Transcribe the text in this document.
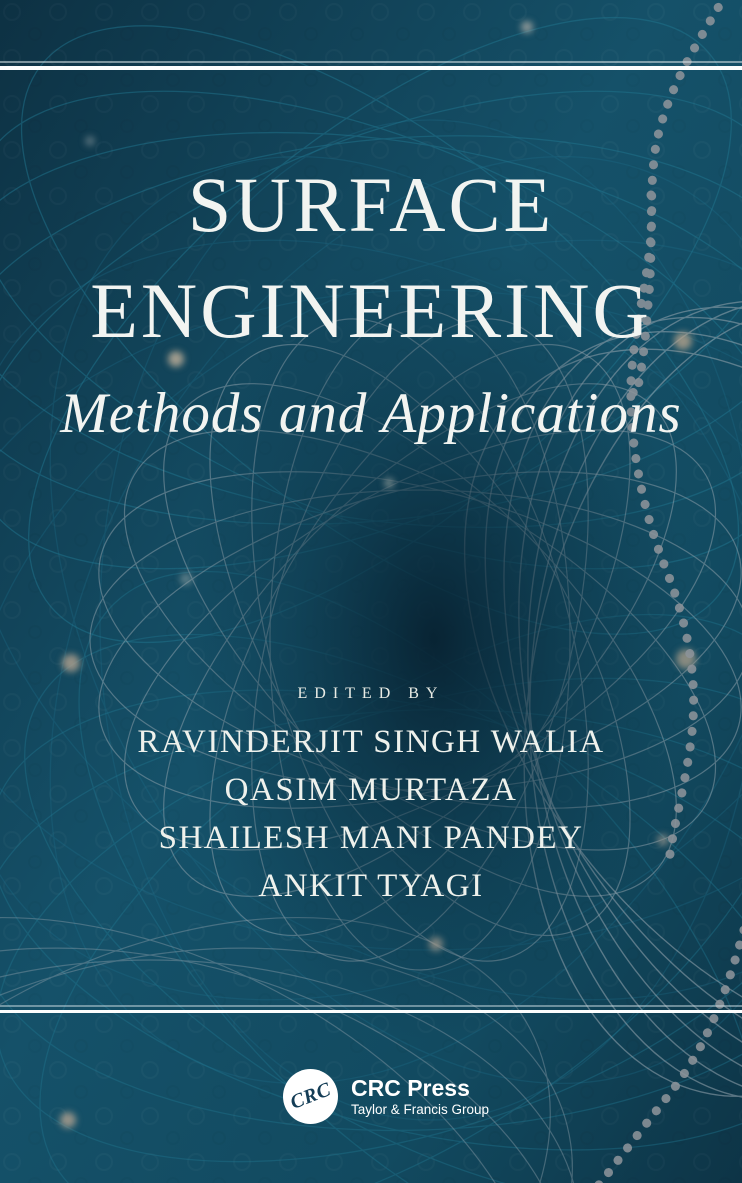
SURFACE
ENGINEERING
Methods and Applications
EDITED BY
RAVINDERJIT SINGH WALIA
QASIM MURTAZA
SHAILESH MANI PANDEY
ANKIT TYAGI
CRC CRC Press
Taylor & Francis Group
